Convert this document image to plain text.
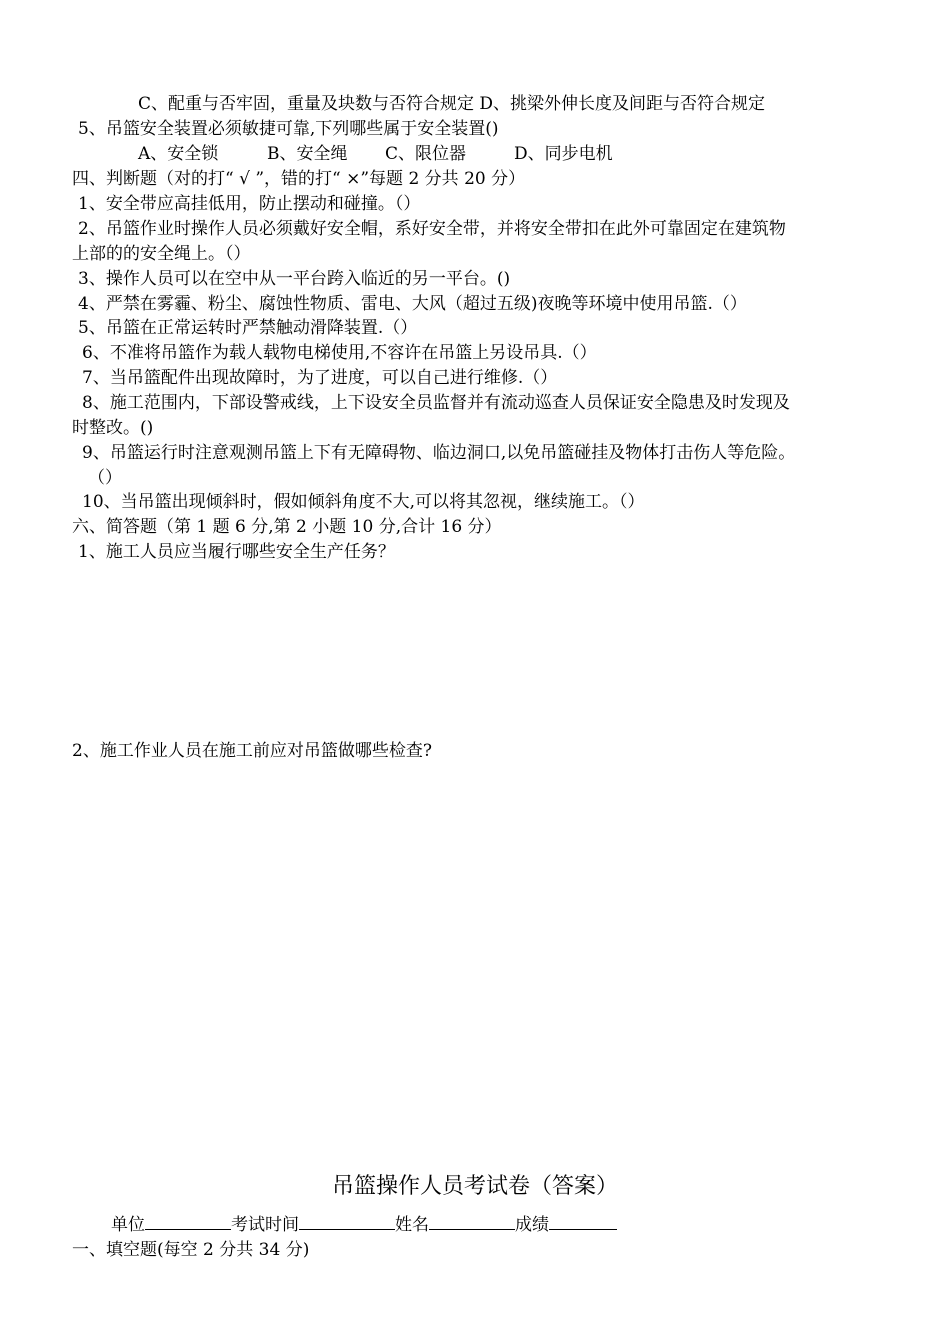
C、配重与否牢固，重量及块数与否符合规定 D、挑梁外伸长度及间距与否符合规定
5、吊篮安全装置必须敏捷可靠,下列哪些属于安全装置()
A、安全锁	B、安全绳 C、限位器	D、同步电机
四、判断题（对的打“ √ ”，错的打“ ×”每题 2 分共 20 分）
1、安全带应高挂低用，防止摆动和碰撞。（）
2、吊篮作业时操作人员必须戴好安全帽，系好安全带，并将安全带扣在此外可靠固定在建筑物
上部的的安全绳上。（）
3、操作人员可以在空中从一平台跨入临近的另一平台。()
4、严禁在雾霾、粉尘、腐蚀性物质、雷电、大风（超过五级)夜晚等环境中使用吊篮.（）
5、吊篮在正常运转时严禁触动滑降装置.（）
6、不准将吊篮作为载人载物电梯使用,不容许在吊篮上另设吊具.（）
7、当吊篮配件出现故障时，为了进度，可以自己进行维修.（）
8、施工范围内，下部设警戒线，上下设安全员监督并有流动巡查人员保证安全隐患及时发现及
时整改。()
9、吊篮运行时注意观测吊篮上下有无障碍物、临边洞口,以免吊篮碰挂及物体打击伤人等危险。
（）
10、当吊篮出现倾斜时，假如倾斜角度不大,可以将其忽视，继续施工。（）
六、简答题（第 1 题 6 分,第 2 小题 10 分,合计 16 分）
1、施工人员应当履行哪些安全生产任务？
2、施工作业人员在施工前应对吊篮做哪些检查?
吊篮操作人员考试卷（答案）
单位	考试时间	姓名	成绩
一、填空题(每空 2 分共 34 分)
